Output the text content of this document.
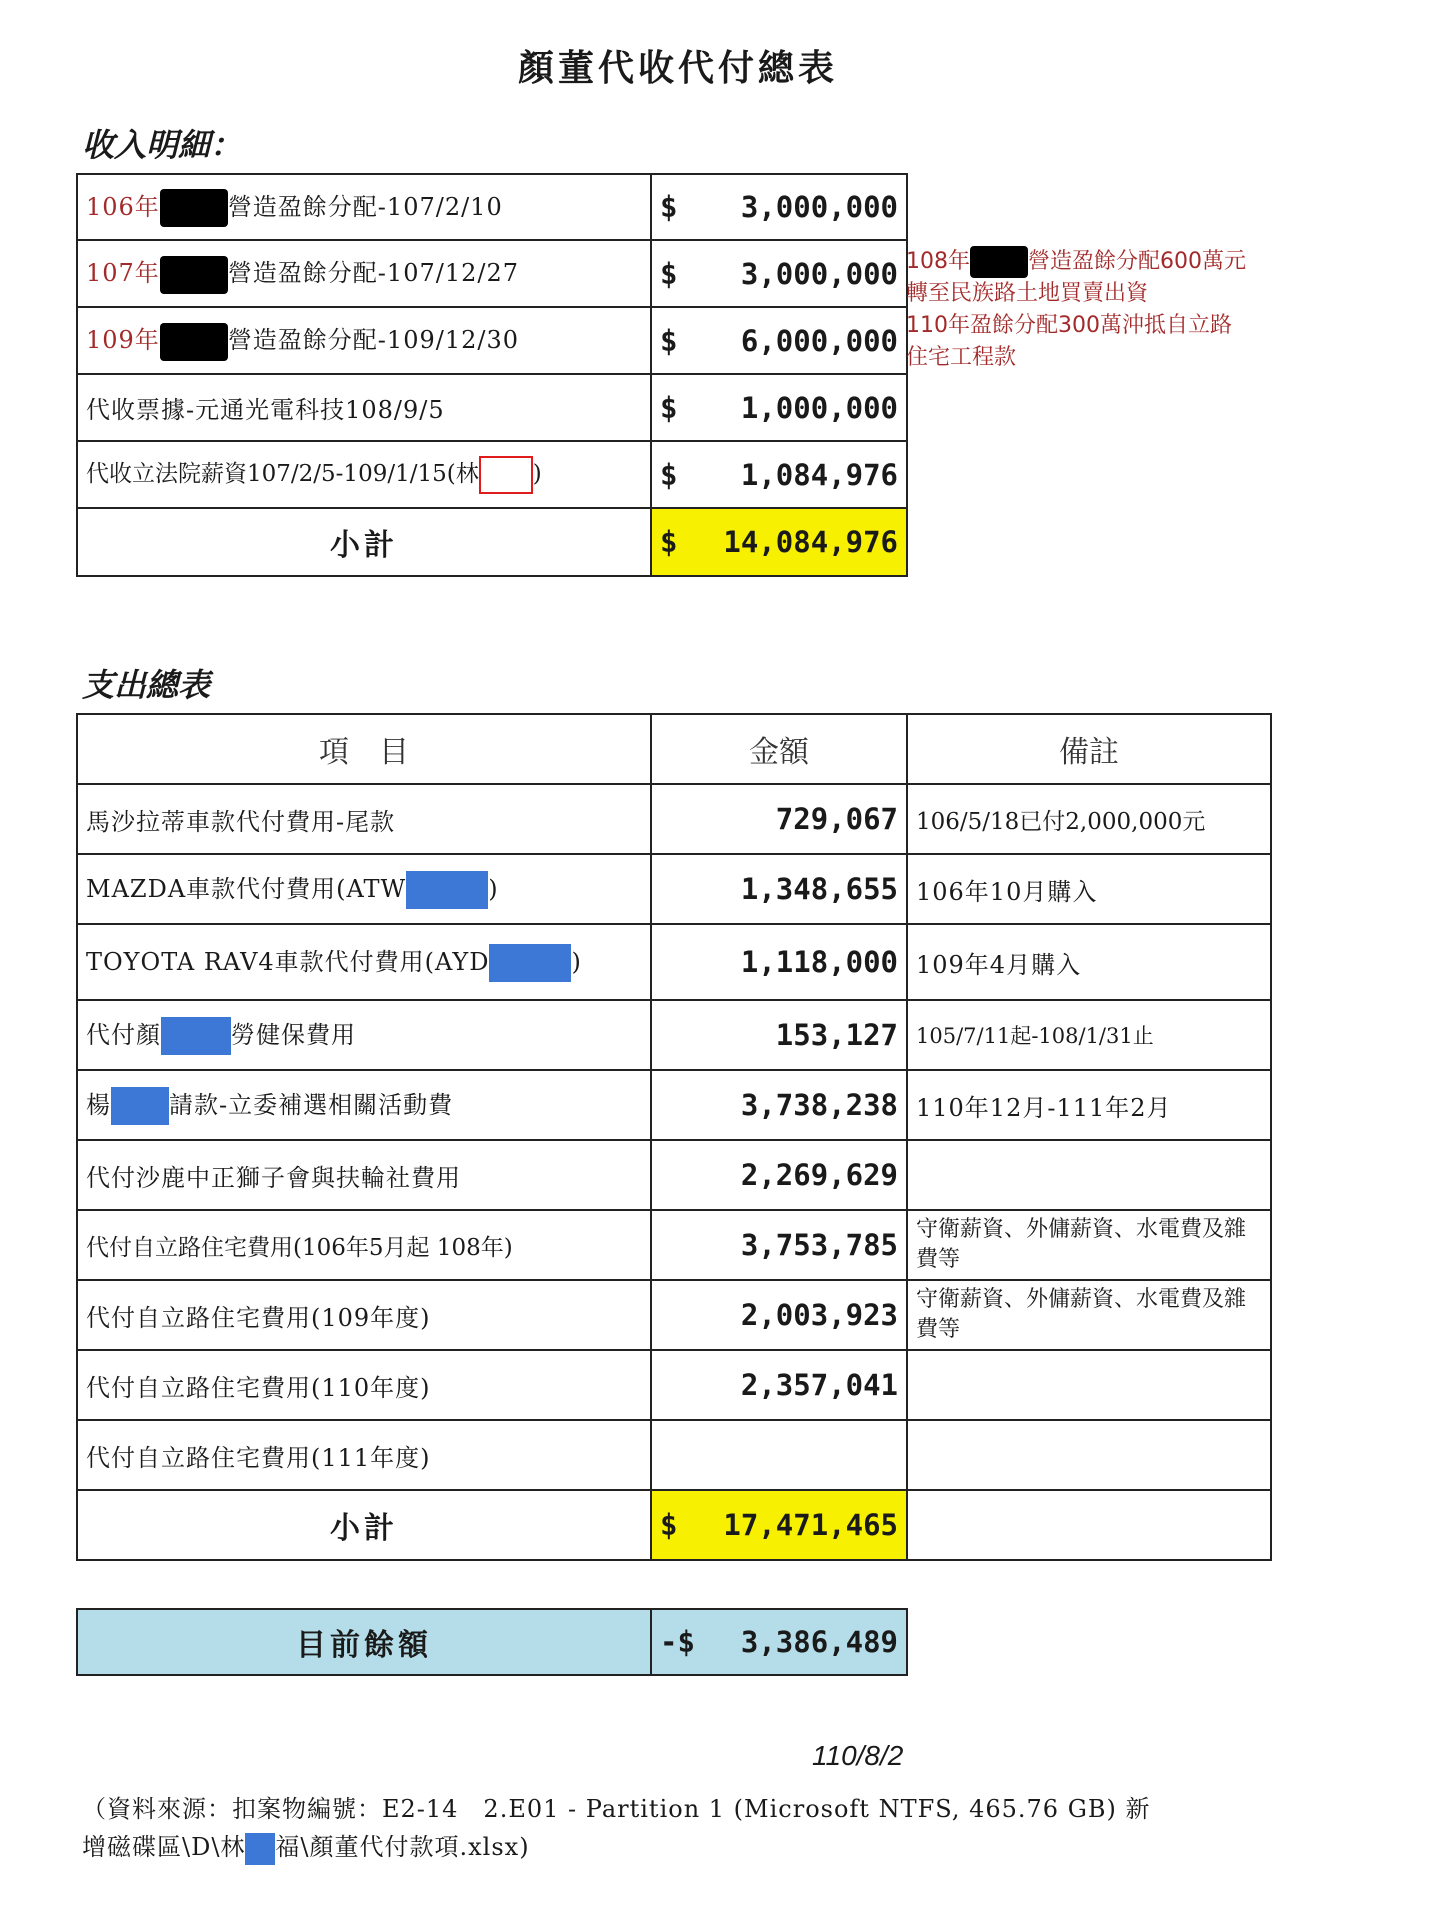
顏董代收代付總表
收入明細：
106年 營造盈餘分配-107/2/10	$ 3,000,000

107年 營造盈餘分配-107/12/27	$ 3,000,000

109年 營造盈餘分配-109/12/30	$ 6,000,000

代收票據-元通光電科技108/9/5	$ 1,000,000

代收立法院薪資107/2/5-109/1/15(林 )	$ 1,084,976

小計	$ 14,084,976
108年	營造盈餘分配600萬元
轉至民族路土地買賣出資
110年盈餘分配300萬沖抵自立路
住宅工程款
支出總表
項　目	金額	備註
馬沙拉蒂車款代付費用-尾款	729,067	106/5/18已付2,000,000元
MAZDA車款代付費用(ATW )	1,348,655	106年10月購入
TOYOTA RAV4車款代付費用(AYD )	1,118,000	109年4月購入
代付顏 勞健保費用	153,127	105/7/11起-108/1/31止
楊 請款-立委補選相關活動費	3,738,238	110年12月-111年2月
代付沙鹿中正獅子會與扶輪社費用	2,269,629	
代付自立路住宅費用(106年5月起 108年)	3,753,785	守衛薪資、外傭薪資、水電費及雜費等
代付自立路住宅費用(109年度)	2,003,923	守衛薪資、外傭薪資、水電費及雜費等
代付自立路住宅費用(110年度)	2,357,041	
代付自立路住宅費用(111年度)		
小計	$ 17,471,465	

目前餘額	-$ 3,386,489
110/8/2
（資料來源：扣案物編號：E2-14　2.E01 - Partition 1 (Microsoft NTFS, 465.76 GB) 新
增磁碟區\D\林 福\顏董代付款項.xlsx)
